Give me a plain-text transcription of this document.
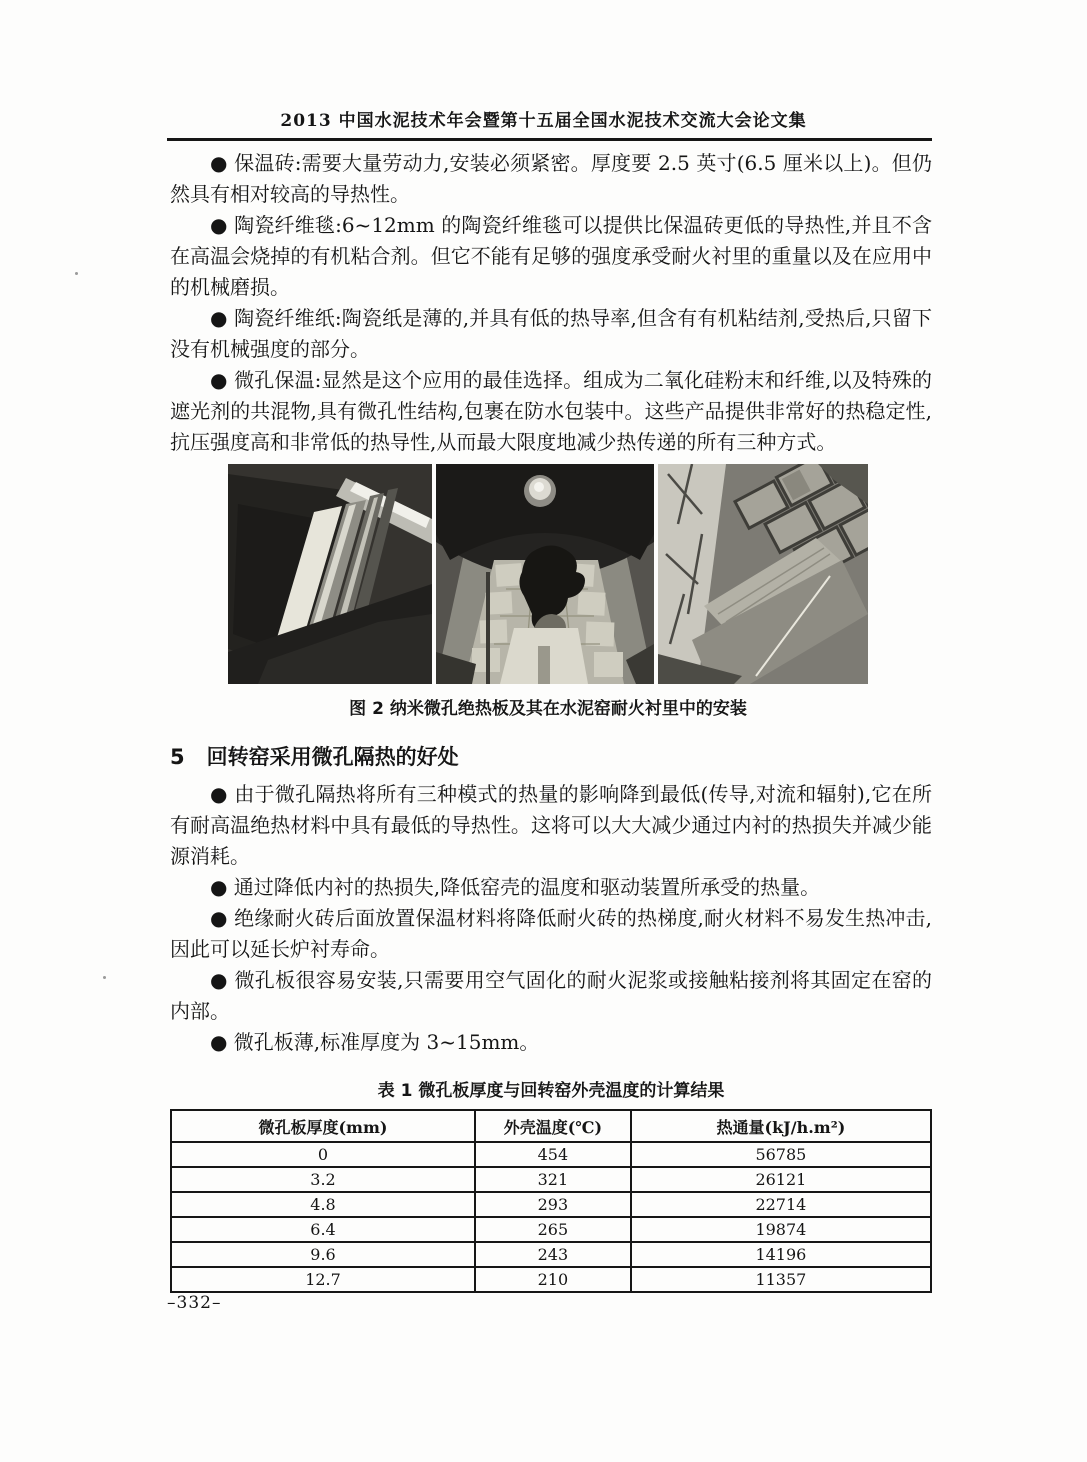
2013 中国水泥技术年会暨第十五届全国水泥技术交流大会论文集

● 保温砖:需要大量劳动力,安装必须紧密。厚度要 2.5 英寸(6.5 厘米以上)。但仍然具有相对较高的导热性。

● 陶瓷纤维毯:6~12mm 的陶瓷纤维毯可以提供比保温砖更低的导热性,并且不含在高温会烧掉的有机粘合剂。但它不能有足够的强度承受耐火衬里的重量以及在应用中的机械磨损。

● 陶瓷纤维纸:陶瓷纸是薄的,并具有低的热导率,但含有有机粘结剂,受热后,只留下没有机械强度的部分。

● 微孔保温:显然是这个应用的最佳选择。组成为二氧化硅粉末和纤维,以及特殊的遮光剂的共混物,具有微孔性结构,包裹在防水包装中。这些产品提供非常好的热稳定性,抗压强度高和非常低的热导性,从而最大限度地减少热传递的所有三种方式。

图 2 纳米微孔绝热板及其在水泥窑耐火衬里中的安装
5 回转窑采用微孔隔热的好处

● 由于微孔隔热将所有三种模式的热量的影响降到最低(传导,对流和辐射),它在所有耐高温绝热材料中具有最低的导热性。这将可以大大减少通过内衬的热损失并减少能源消耗。

● 通过降低内衬的热损失,降低窑壳的温度和驱动装置所承受的热量。

● 绝缘耐火砖后面放置保温材料将降低耐火砖的热梯度,耐火材料不易发生热冲击,因此可以延长炉衬寿命。

● 微孔板很容易安装,只需要用空气固化的耐火泥浆或接触粘接剂将其固定在窑的内部。

● 微孔板薄,标准厚度为 3~15mm。

表 1 微孔板厚度与回转窑外壳温度的计算结果
微孔板厚度(mm)	外壳温度(℃)	热通量(kJ/h.m²)
0	454	56785
3.2	321	26121
4.8	293	22714
6.4	265	19874
9.6	243	14196
12.7	210	11357
–332–
